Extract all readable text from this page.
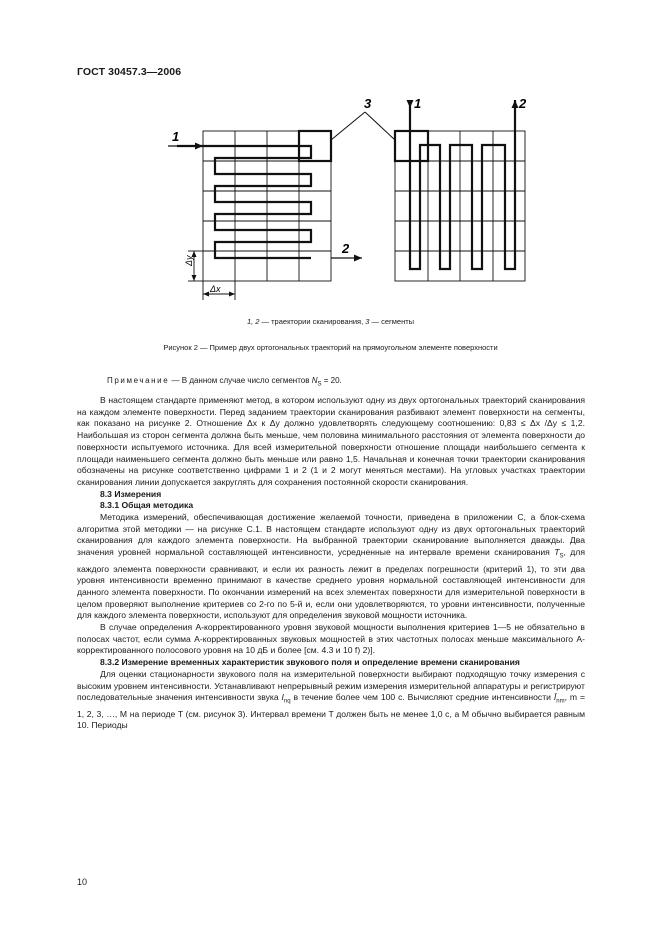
ГОСТ 30457.3—2006
1
2
3	1	2
Δy
Δx
1, 2 — траектории сканирования, 3 — сегменты
Рисунок 2 — Пример двух ортогональных траекторий на прямоугольном элементе поверхности
Примечание — В данном случае число сегментов $N_S = 20$.

В настоящем стандарте применяют метод, в котором используют одну из двух ортогональных траекторий сканирования на каждом элементе поверхности. Перед заданием траектории сканирования разбивают элемент поверхности на сегменты, как показано на рисунке 2. Отношение Δx к Δy должно удовлетворять следующему соотношению: 0,83 ≤ Δx /Δy ≤ 1,2. Наибольшая из сторон сегмента должна быть меньше, чем половина минимального расстояния от элемента поверхности до поверхности испытуемого источника. Для всей измерительной поверхности отношение площади наибольшего сегмента к площади наименьшего сегмента должно быть меньше или равно 1,5. Начальная и конечная точки траектории сканирования обозначены на рисунке соответственно цифрами 1 и 2 (1 и 2 могут меняться местами). На угловых участках траектории сканирования линии допускается закруглять для сохранения постоянной скорости сканирования.

8.3 Измерения

8.3.1 Общая методика

Методика измерений, обеспечивающая достижение желаемой точности, приведена в приложении С, а блок-схема алгоритма этой методики — на рисунке С.1. В настоящем стандарте используют одну из двух ортогональных траекторий сканирования для каждого элемента поверхности. На выбранной траектории сканирование выполняется дважды. Два значения уровней нормальной составляющей интенсивности, усредненные на интервале времени сканирования $T_S$, для каждого элемента поверхности сравнивают, и если их разность лежит в пределах погрешности (критерий 1), то эти два уровня интенсивности временно принимают в качестве среднего уровня нормальной составляющей интенсивности для данного элемента поверхности. По окончании измерений на всех элементах поверхности для измерительной поверхности в целом проверяют выполнение критериев со 2-го по 5-й и, если они удовлетворяются, то уровни интенсивности, полученные для каждого элемента поверхности, используют для определения звуковой мощности источника.

В случае определения А-корректированного уровня звуковой мощности выполнения критериев 1—5 не обязательно в полосах частот, если сумма А-корректированных звуковых мощностей в этих частотных полосах меньше максимального А-корректированного полосового уровня на 10 дБ и более [см. 4.3 и 10 f) 2)].

8.3.2 Измерение временных характеристик звукового поля и определение времени сканирования

Для оценки стационарности звукового поля на измерительной поверхности выбирают подходящую точку измерения с высоким уровнем интенсивности. Устанавливают непрерывный режим измерения измерительной аппаратуры и регистрируют последовательные значения интенсивности звука $I_{nq}$ в течение более чем 100 с. Вычисляют средние интенсивности $Ī_{nm}$, m = 1, 2, 3, …, M на периоде T (см. рисунок 3). Интервал времени T должен быть не менее 1,0 с, а M обычно выбирается равным 10. Периоды

10
